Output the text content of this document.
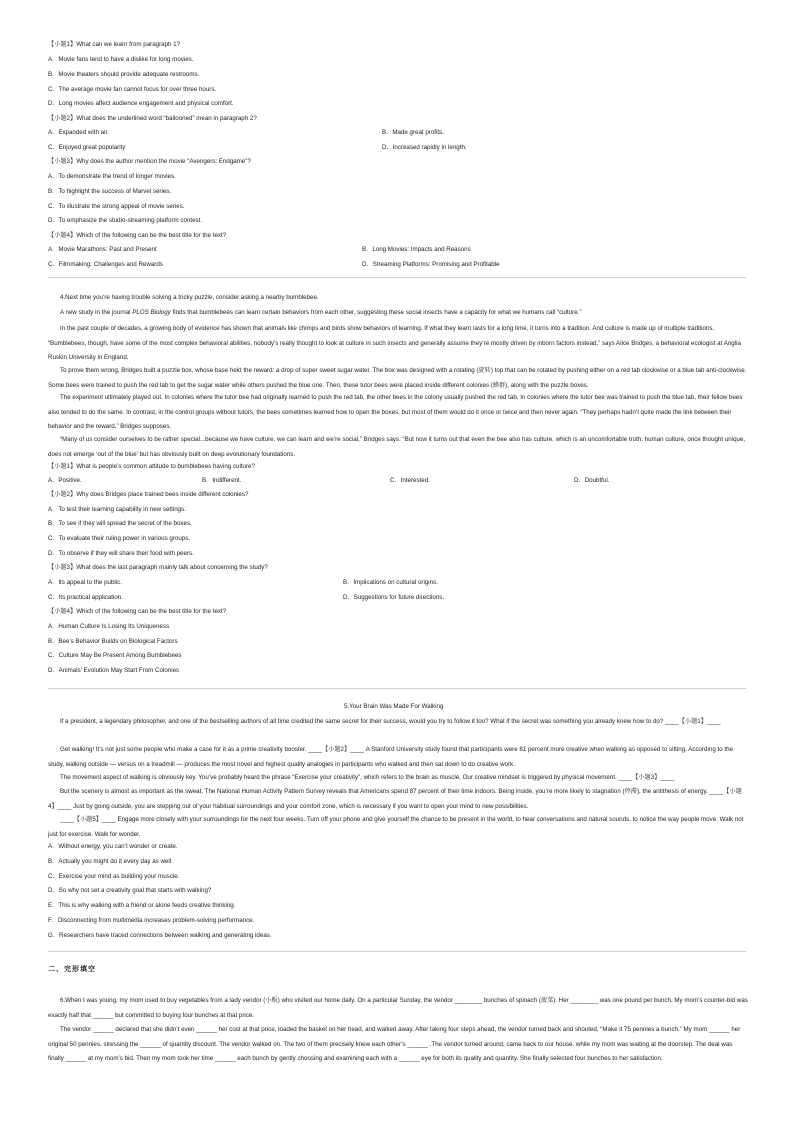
【小题1】What can we learn from paragraph 1?
A．Movie fans tend to have a dislike for long movies.
B．Movie theaters should provide adequate restrooms.
C．The average movie fan cannot focus for over three hours.
D．Long movies affect audience engagement and physical comfort.
【小题2】What does the underlined word “ballooned” mean in paragraph 2?
A．Expanded with air.	B．Made great profits.
C．Enjoyed great popularity	D．Increased rapidly in length.
【小题3】Why does the author mention the movie “Avengers: Endgame”?
A．To demonstrate the trend of longer movies.
B．To highlight the success of Marvel series.
C．To illustrate the strong appeal of movie series.
D．To emphasize the studio-streaming platform contest.
【小题4】Which of the following can be the best title for the text?
A．Movie Marathons: Past and Present	B．Long Movies: Impacts and Reasons
C．Filmmaking: Challenges and Rewards	D．Streaming Platforms: Promising and Profitable
4.Next time you’re having trouble solving a tricky puzzle, consider asking a nearby bumblebee.
A new study in the journal PLOS Biology finds that bumblebees can learn certain behaviors from each other, suggesting these social insects have a capacity for what we humans call “culture.”
In the past couple of decades, a growing body of evidence has shown that animals like chimps and birds show behaviors of learning. If what they learn lasts for a long time, it turns into a tradition. And culture is made up of multiple traditions. “Bumblebees, though, have some of the most complex behavioral abilities, nobody’s really thought to look at culture in such insects and generally assume they’re mostly driven by inborn factors instead,” says Alice Bridges, a behavioral ecologist at Anglia Ruskin University in England.
To prove them wrong, Bridges built a puzzle box, whose base held the reward: a drop of super sweet sugar water. The box was designed with a rotating (旋转) top that can be rotated by pushing either on a red tab clockwise or a blue tab anti-clockwise. Some bees were trained to push the red tab to get the sugar water while others pushed the blue one. Then, these tutor bees were placed inside different colonies (蜂群), along with the puzzle boxes.
The experiment ultimately played out. In colonies where the tutor bee had originally learned to push the red tab, the other bees in the colony usually pushed the red tab. In colonies where the tutor bee was trained to push the blue tab, their fellow bees also tended to do the same. In contrast, in the control groups without tutors, the bees sometimes learned how to open the boxes, but most of them would do it once or twice and then never again. “They perhaps hadn’t quite made the link between their behavior and the reward,” Bridges supposes.
“Many of us consider ourselves to be rather special...because we have culture, we can learn and we’re social,” Bridges says. “But now it turns out that even the bee also has culture, which is an uncomfortable truth: human culture, once thought unique, does not emerge ‘out of the blue’ but has obviously built on deep evolutionary foundations.
【小题1】What is people’s common attitude to bumblebees having culture?
A．Positive.	B．Indifferent.	C．Interested.	D．Doubtful.
【小题2】Why does Bridges place trained bees inside different colonies?
A．To test their learning capability in new settings.
B．To see if they will spread the secret of the boxes.
C．To evaluate their ruling power in various groups.
D．To observe if they will share their food with peers.
【小题3】What does the last paragraph mainly talk about concerning the study?
A．Its appeal to the public.	B．Implications on cultural origins.
C．Its practical application.	D．Suggestions for future directions.
【小题4】Which of the following can be the best title for the text?
A．Human Culture Is Losing Its Uniqueness
B．Bee’s Behavior Builds on Biological Factors
C．Culture May Be Present Among Bumblebees
D．Animals’ Evolution May Start From Colonies
5.Your Brain Was Made For Walking
If a president, a legendary philosopher, and one of the bestselling authors of all time credited the same secret for their success, would you try to follow it too? What if the secret was something you already knew how to do? ____【小题1】____
Get walking! It’s not just some people who make a case for it as a prime creativity booster. ____【小题2】____ A Stanford University study found that participants were 81 percent more creative when walking as opposed to sitting. According to the study, walking outside — versus on a treadmill — produces the most novel and highest quality analogies in participants who walked and then sat down to do creative work.
The movement aspect of walking is obviously key. You’ve probably heard the phrase “Exercise your creativity”, which refers to the brain as muscle. Our creative mindset is triggered by physical movement. ____【小题3】____
But the scenery is almost as important as the sweat. The National Human Activity Pattern Survey reveals that Americans spend 87 percent of their time indoors. Being inside, you’re more likely to stagnation (停滞), the antithesis of energy. ____【小题4】____ Just by going outside, you are stepping out of your habitual surroundings and your comfort zone, which is necessary if you want to open your mind to new possibilities.
____【小题5】____ Engage more closely with your surroundings for the next four weeks. Turn off your phone and give yourself the chance to be present in the world, to hear conversations and natural sounds, to notice the way people move. Walk not just for exercise. Walk for wonder.
A．Without energy, you can’t wonder or create.
B．Actually you might do it every day as well.
C．Exercise your mind as building your muscle.
D．So why not set a creativity goal that starts with walking?
E．This is why walking with a friend or alone feeds creative thinking.
F．Disconnecting from multimedia increases problem-solving performance.
G．Researchers have traced connections between walking and generating ideas.
二、完形填空
6.When I was young, my mom used to buy vegetables from a lady vendor (小贩) who visited our home daily. On a particular Sunday, the vendor ________ bunches of spinach (菠菜). Her ________ was one pound per bunch. My mom’s counter-bid was exactly half that ______ but committed to buying four bunches at that price.
The vendor ______ declared that she didn’t even ______ her cost at that price, loaded the basket on her head, and walked away. After taking four steps ahead, the vendor turned back and shouted, “Make it 75 pennies a bunch.” My mom ______ her original 50 pennies, stressing the ______ of quantity discount. The vendor walked on. The two of them precisely knew each other’s ______ .The vendor turned around, came back to our house, while my mom was waiting at the doorstep. The deal was finally ______ at my mom’s bid. Then my mom took her time ______ each bunch by gently choosing and examining each with a ______ eye for both its quality and quantity. She finally selected four bunches to her satisfaction.
